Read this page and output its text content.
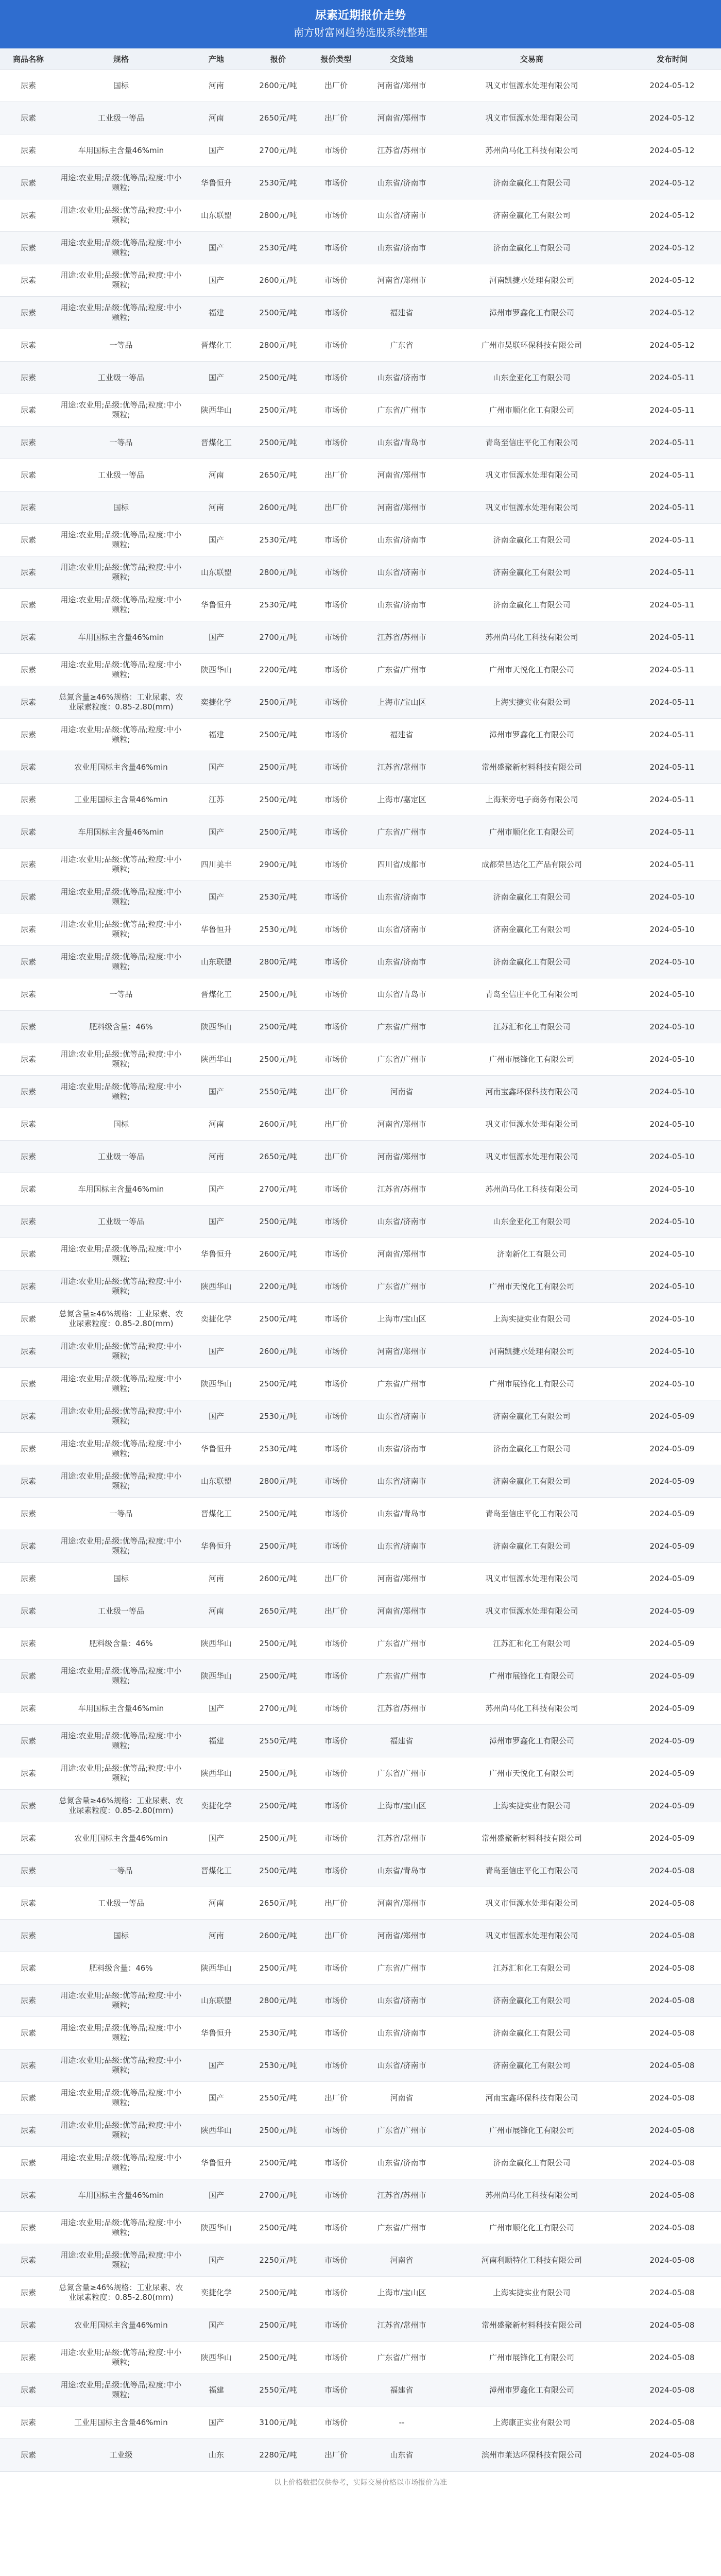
尿素近期报价走势
南方财富网趋势选股系统整理
商品名称	规格	产地	报价	报价类型	交货地	交易商	发布时间
尿素	国标	河南	2600元/吨	出厂价	河南省/郑州市	巩义市恒源水处理有限公司	2024-05-12
尿素	工业级一等品	河南	2650元/吨	出厂价	河南省/郑州市	巩义市恒源水处理有限公司	2024-05-12
尿素	车用国标主含量46%min	国产	2700元/吨	市场价	江苏省/苏州市	苏州尚马化工科技有限公司	2024-05-12
尿素	用途:农业用;品级:优等品;粒度:中小颗粒;	华鲁恒升	2530元/吨	市场价	山东省/济南市	济南金赢化工有限公司	2024-05-12
尿素	用途:农业用;品级:优等品;粒度:中小颗粒;	山东联盟	2800元/吨	市场价	山东省/济南市	济南金赢化工有限公司	2024-05-12
尿素	用途:农业用;品级:优等品;粒度:中小颗粒;	国产	2530元/吨	市场价	山东省/济南市	济南金赢化工有限公司	2024-05-12
尿素	用途:农业用;品级:优等品;粒度:中小颗粒;	国产	2600元/吨	市场价	河南省/郑州市	河南凯捷水处理有限公司	2024-05-12
尿素	用途:农业用;品级:优等品;粒度:中小颗粒;	福建	2500元/吨	市场价	福建省	漳州市罗鑫化工有限公司	2024-05-12
尿素	一等品	晋煤化工	2800元/吨	市场价	广东省	广州市昊联环保科技有限公司	2024-05-12
尿素	工业级一等品	国产	2500元/吨	市场价	山东省/济南市	山东金亚化工有限公司	2024-05-11
尿素	用途:农业用;品级:优等品;粒度:中小颗粒;	陕西华山	2500元/吨	市场价	广东省/广州市	广州市顺化化工有限公司	2024-05-11
尿素	一等品	晋煤化工	2500元/吨	市场价	山东省/青岛市	青岛至信庄平化工有限公司	2024-05-11
尿素	工业级一等品	河南	2650元/吨	出厂价	河南省/郑州市	巩义市恒源水处理有限公司	2024-05-11
尿素	国标	河南	2600元/吨	出厂价	河南省/郑州市	巩义市恒源水处理有限公司	2024-05-11
尿素	用途:农业用;品级:优等品;粒度:中小颗粒;	国产	2530元/吨	市场价	山东省/济南市	济南金赢化工有限公司	2024-05-11
尿素	用途:农业用;品级:优等品;粒度:中小颗粒;	山东联盟	2800元/吨	市场价	山东省/济南市	济南金赢化工有限公司	2024-05-11
尿素	用途:农业用;品级:优等品;粒度:中小颗粒;	华鲁恒升	2530元/吨	市场价	山东省/济南市	济南金赢化工有限公司	2024-05-11
尿素	车用国标主含量46%min	国产	2700元/吨	市场价	江苏省/苏州市	苏州尚马化工科技有限公司	2024-05-11
尿素	用途:农业用;品级:优等品;粒度:中小颗粒;	陕西华山	2200元/吨	市场价	广东省/广州市	广州市天悦化工有限公司	2024-05-11
尿素	总氮含量≥46%规格：工业尿素、农业尿素粒度：0.85-2.80(mm)	奕捷化学	2500元/吨	市场价	上海市/宝山区	上海实捷实业有限公司	2024-05-11
尿素	用途:农业用;品级:优等品;粒度:中小颗粒;	福建	2500元/吨	市场价	福建省	漳州市罗鑫化工有限公司	2024-05-11
尿素	农业用国标主含量46%min	国产	2500元/吨	市场价	江苏省/常州市	常州盛聚新材料科技有限公司	2024-05-11
尿素	工业用国标主含量46%min	江苏	2500元/吨	市场价	上海市/嘉定区	上海莱旁电子商务有限公司	2024-05-11
尿素	车用国标主含量46%min	国产	2500元/吨	市场价	广东省/广州市	广州市顺化化工有限公司	2024-05-11
尿素	用途:农业用;品级:优等品;粒度:中小颗粒;	四川美丰	2900元/吨	市场价	四川省/成都市	成都荣昌达化工产品有限公司	2024-05-11
尿素	用途:农业用;品级:优等品;粒度:中小颗粒;	国产	2530元/吨	市场价	山东省/济南市	济南金赢化工有限公司	2024-05-10
尿素	用途:农业用;品级:优等品;粒度:中小颗粒;	华鲁恒升	2530元/吨	市场价	山东省/济南市	济南金赢化工有限公司	2024-05-10
尿素	用途:农业用;品级:优等品;粒度:中小颗粒;	山东联盟	2800元/吨	市场价	山东省/济南市	济南金赢化工有限公司	2024-05-10
尿素	一等品	晋煤化工	2500元/吨	市场价	山东省/青岛市	青岛至信庄平化工有限公司	2024-05-10
尿素	肥料级含量：46%	陕西华山	2500元/吨	市场价	广东省/广州市	江苏汇和化工有限公司	2024-05-10
尿素	用途:农业用;品级:优等品;粒度:中小颗粒;	陕西华山	2500元/吨	市场价	广东省/广州市	广州市展锋化工有限公司	2024-05-10
尿素	用途:农业用;品级:优等品;粒度:中小颗粒;	国产	2550元/吨	出厂价	河南省	河南宝鑫环保科技有限公司	2024-05-10
尿素	国标	河南	2600元/吨	出厂价	河南省/郑州市	巩义市恒源水处理有限公司	2024-05-10
尿素	工业级一等品	河南	2650元/吨	出厂价	河南省/郑州市	巩义市恒源水处理有限公司	2024-05-10
尿素	车用国标主含量46%min	国产	2700元/吨	市场价	江苏省/苏州市	苏州尚马化工科技有限公司	2024-05-10
尿素	工业级一等品	国产	2500元/吨	市场价	山东省/济南市	山东金亚化工有限公司	2024-05-10
尿素	用途:农业用;品级:优等品;粒度:中小颗粒;	华鲁恒升	2600元/吨	市场价	河南省/郑州市	济南新化工有限公司	2024-05-10
尿素	用途:农业用;品级:优等品;粒度:中小颗粒;	陕西华山	2200元/吨	市场价	广东省/广州市	广州市天悦化工有限公司	2024-05-10
尿素	总氮含量≥46%规格：工业尿素、农业尿素粒度：0.85-2.80(mm)	奕捷化学	2500元/吨	市场价	上海市/宝山区	上海实捷实业有限公司	2024-05-10
尿素	用途:农业用;品级:优等品;粒度:中小颗粒;	国产	2600元/吨	市场价	河南省/郑州市	河南凯捷水处理有限公司	2024-05-10
尿素	用途:农业用;品级:优等品;粒度:中小颗粒;	陕西华山	2500元/吨	市场价	广东省/广州市	广州市展锋化工有限公司	2024-05-10
尿素	用途:农业用;品级:优等品;粒度:中小颗粒;	国产	2530元/吨	市场价	山东省/济南市	济南金赢化工有限公司	2024-05-09
尿素	用途:农业用;品级:优等品;粒度:中小颗粒;	华鲁恒升	2530元/吨	市场价	山东省/济南市	济南金赢化工有限公司	2024-05-09
尿素	用途:农业用;品级:优等品;粒度:中小颗粒;	山东联盟	2800元/吨	市场价	山东省/济南市	济南金赢化工有限公司	2024-05-09
尿素	一等品	晋煤化工	2500元/吨	市场价	山东省/青岛市	青岛至信庄平化工有限公司	2024-05-09
尿素	用途:农业用;品级:优等品;粒度:中小颗粒;	华鲁恒升	2500元/吨	市场价	山东省/济南市	济南金赢化工有限公司	2024-05-09
尿素	国标	河南	2600元/吨	出厂价	河南省/郑州市	巩义市恒源水处理有限公司	2024-05-09
尿素	工业级一等品	河南	2650元/吨	出厂价	河南省/郑州市	巩义市恒源水处理有限公司	2024-05-09
尿素	肥料级含量：46%	陕西华山	2500元/吨	市场价	广东省/广州市	江苏汇和化工有限公司	2024-05-09
尿素	用途:农业用;品级:优等品;粒度:中小颗粒;	陕西华山	2500元/吨	市场价	广东省/广州市	广州市展锋化工有限公司	2024-05-09
尿素	车用国标主含量46%min	国产	2700元/吨	市场价	江苏省/苏州市	苏州尚马化工科技有限公司	2024-05-09
尿素	用途:农业用;品级:优等品;粒度:中小颗粒;	福建	2550元/吨	市场价	福建省	漳州市罗鑫化工有限公司	2024-05-09
尿素	用途:农业用;品级:优等品;粒度:中小颗粒;	陕西华山	2500元/吨	市场价	广东省/广州市	广州市天悦化工有限公司	2024-05-09
尿素	总氮含量≥46%规格：工业尿素、农业尿素粒度：0.85-2.80(mm)	奕捷化学	2500元/吨	市场价	上海市/宝山区	上海实捷实业有限公司	2024-05-09
尿素	农业用国标主含量46%min	国产	2500元/吨	市场价	江苏省/常州市	常州盛聚新材料科技有限公司	2024-05-09
尿素	一等品	晋煤化工	2500元/吨	市场价	山东省/青岛市	青岛至信庄平化工有限公司	2024-05-08
尿素	工业级一等品	河南	2650元/吨	出厂价	河南省/郑州市	巩义市恒源水处理有限公司	2024-05-08
尿素	国标	河南	2600元/吨	出厂价	河南省/郑州市	巩义市恒源水处理有限公司	2024-05-08
尿素	肥料级含量：46%	陕西华山	2500元/吨	市场价	广东省/广州市	江苏汇和化工有限公司	2024-05-08
尿素	用途:农业用;品级:优等品;粒度:中小颗粒;	山东联盟	2800元/吨	市场价	山东省/济南市	济南金赢化工有限公司	2024-05-08
尿素	用途:农业用;品级:优等品;粒度:中小颗粒;	华鲁恒升	2530元/吨	市场价	山东省/济南市	济南金赢化工有限公司	2024-05-08
尿素	用途:农业用;品级:优等品;粒度:中小颗粒;	国产	2530元/吨	市场价	山东省/济南市	济南金赢化工有限公司	2024-05-08
尿素	用途:农业用;品级:优等品;粒度:中小颗粒;	国产	2550元/吨	出厂价	河南省	河南宝鑫环保科技有限公司	2024-05-08
尿素	用途:农业用;品级:优等品;粒度:中小颗粒;	陕西华山	2500元/吨	市场价	广东省/广州市	广州市展锋化工有限公司	2024-05-08
尿素	用途:农业用;品级:优等品;粒度:中小颗粒;	华鲁恒升	2500元/吨	市场价	山东省/济南市	济南金赢化工有限公司	2024-05-08
尿素	车用国标主含量46%min	国产	2700元/吨	市场价	江苏省/苏州市	苏州尚马化工科技有限公司	2024-05-08
尿素	用途:农业用;品级:优等品;粒度:中小颗粒;	陕西华山	2500元/吨	市场价	广东省/广州市	广州市顺化化工有限公司	2024-05-08
尿素	用途:农业用;品级:优等品;粒度:中小颗粒;	国产	2250元/吨	市场价	河南省	河南利顺特化工科技有限公司	2024-05-08
尿素	总氮含量≥46%规格：工业尿素、农业尿素粒度：0.85-2.80(mm)	奕捷化学	2500元/吨	市场价	上海市/宝山区	上海实捷实业有限公司	2024-05-08
尿素	农业用国标主含量46%min	国产	2500元/吨	市场价	江苏省/常州市	常州盛聚新材料科技有限公司	2024-05-08
尿素	用途:农业用;品级:优等品;粒度:中小颗粒;	陕西华山	2500元/吨	市场价	广东省/广州市	广州市展锋化工有限公司	2024-05-08
尿素	用途:农业用;品级:优等品;粒度:中小颗粒;	福建	2550元/吨	市场价	福建省	漳州市罗鑫化工有限公司	2024-05-08
尿素	工业用国标主含量46%min	国产	3100元/吨	市场价	--	上海康正实业有限公司	2024-05-08
尿素	工业级	山东	2280元/吨	出厂价	山东省	滨州市莱达环保科技有限公司	2024-05-08
以上价格数据仅供参考，实际交易价格以市场报价为准
